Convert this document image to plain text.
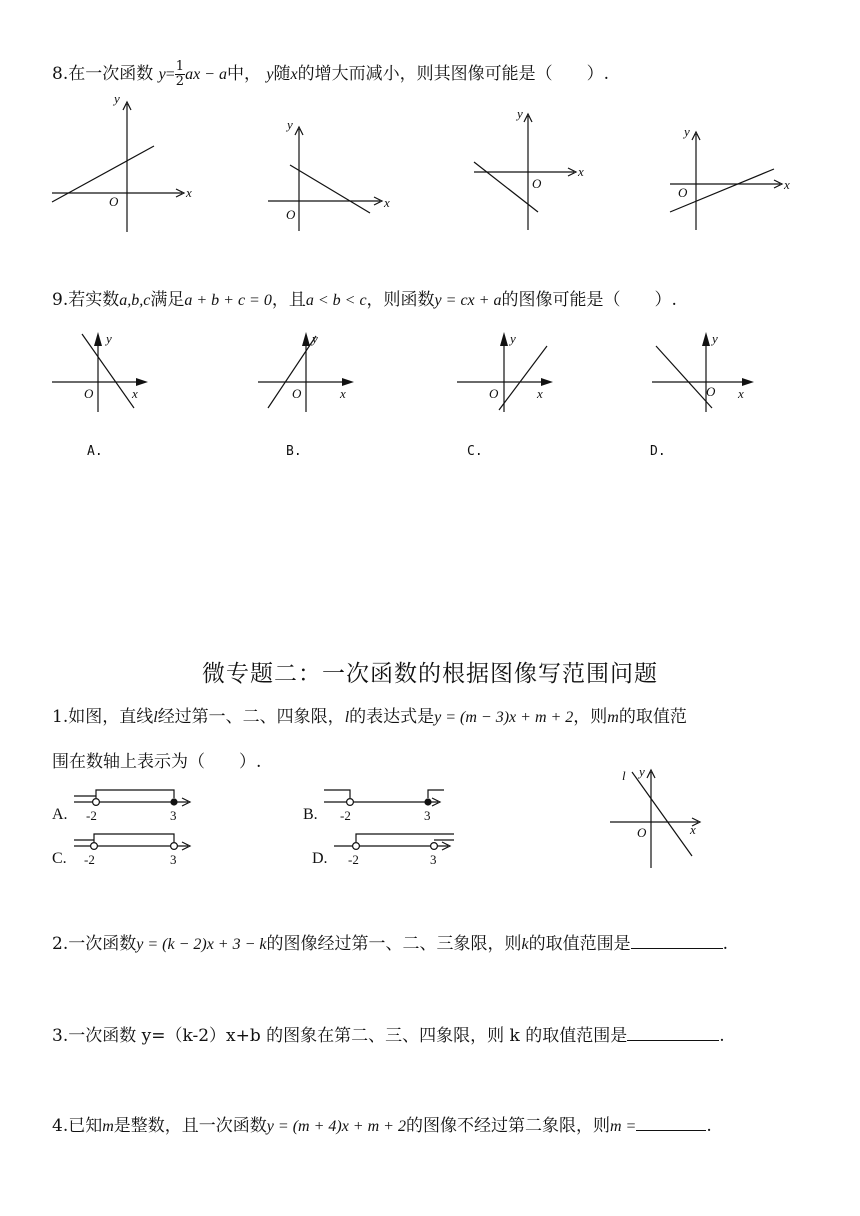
8.在一次函数 $y= \frac{1}{2}$ ax − a中， y随x的增大而减小，则其图像可能是（　　）.
x
y
O	x
y
O
x
y
O	x
y
O
9.若实数a,b,c满足a + b + c = 0，且a < b < c，则函数y = cx + a的图像可能是（　　）.
y
x
O
y
x
O
y
x
O
y
x
O
A.	B.	C.	D.
微专题二：一次函数的根据图像写范围问题
1.如图，直线l经过第一、二、四象限，l的表达式是y = (m − 3)x + m + 2，则m的取值范
围在数轴上表示为（　　）.
A.
C.
B.
D.
-2	3	-2	3
-2	3	-2	3
l y
x
O
2.一次函数y = (k − 2)x + 3 − k的图像经过第一、二、三象限，则k的取值范围是	.
3.一次函数 y=（k-2）x+b 的图象在第二、三、四象限，则 k 的取值范围是	.
4.已知m是整数，且一次函数y = (m + 4)x + m + 2的图像不经过第二象限，则m =	.
